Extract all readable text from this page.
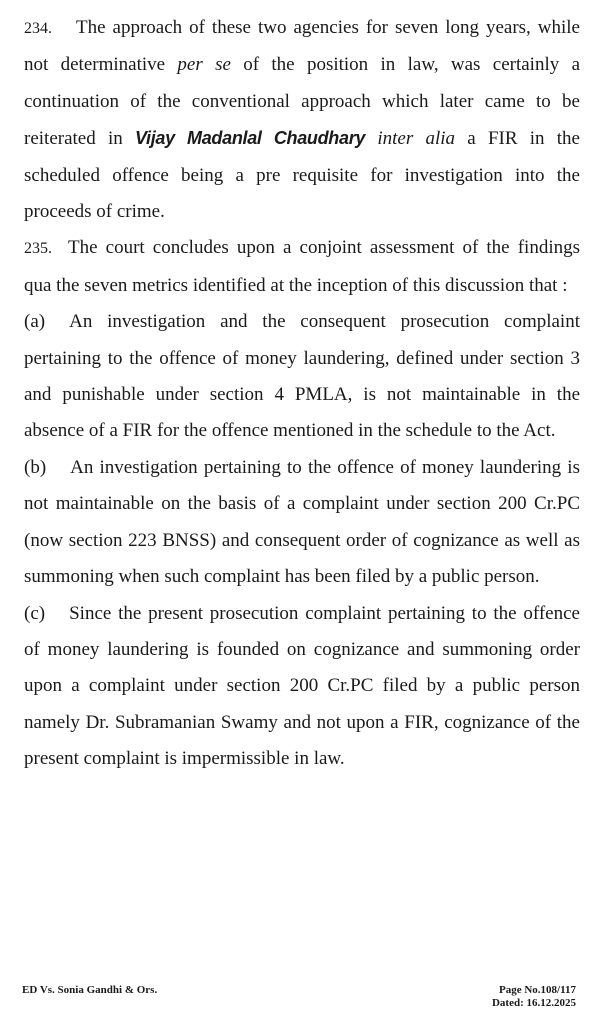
234. The approach of these two agencies for seven long years, while not determinative per se of the position in law, was certainly a continuation of the conventional approach which later came to be reiterated in Vijay Madanlal Chaudhary inter alia a FIR in the scheduled offence being a pre requisite for investigation into the proceeds of crime.

235. The court concludes upon a conjoint assessment of the findings qua the seven metrics identified at the inception of this discussion that :

(a) An investigation and the consequent prosecution complaint pertaining to the offence of money laundering, defined under section 3 and punishable under section 4 PMLA, is not maintainable in the absence of a FIR for the offence mentioned in the schedule to the Act.

(b) An investigation pertaining to the offence of money laundering is not maintainable on the basis of a complaint under section 200 Cr.PC (now section 223 BNSS) and consequent order of cognizance as well as summoning when such complaint has been filed by a public person.

(c) Since the present prosecution complaint pertaining to the offence of money laundering is founded on cognizance and summoning order upon a complaint under section 200 Cr.PC filed by a public person namely Dr. Subramanian Swamy and not upon a FIR, cognizance of the present complaint is impermissible in law.

ED Vs. Sonia Gandhi & Ors.	Page No.108/117
Dated: 16.12.2025
